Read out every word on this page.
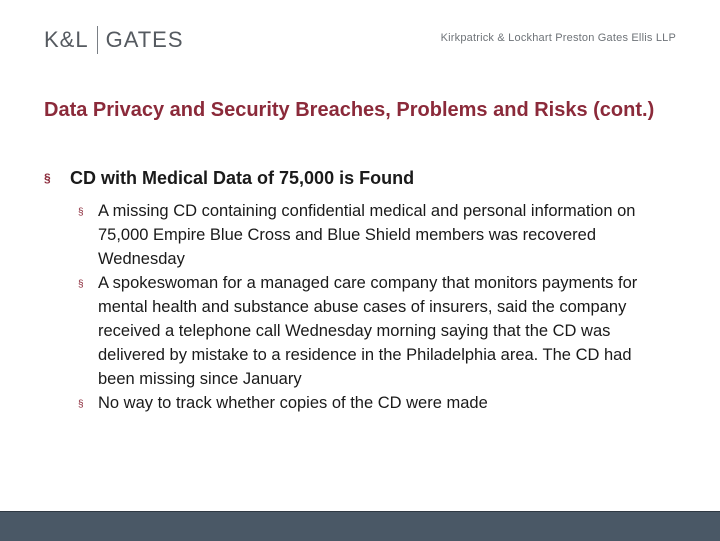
K&L GATES	Kirkpatrick & Lockhart Preston Gates Ellis LLP
Data Privacy and Security Breaches, Problems and Risks (cont.)
§	CD with Medical Data of 75,000 is Found
§ A missing CD containing confidential medical and personal information on 75,000 Empire Blue Cross and Blue Shield members was recovered Wednesday
§ A spokeswoman for a managed care company that monitors payments for mental health and substance abuse cases of insurers, said the company received a telephone call Wednesday morning saying that the CD was delivered by mistake to a residence in the Philadelphia area. The CD had been missing since January
§ No way to track whether copies of the CD were made
